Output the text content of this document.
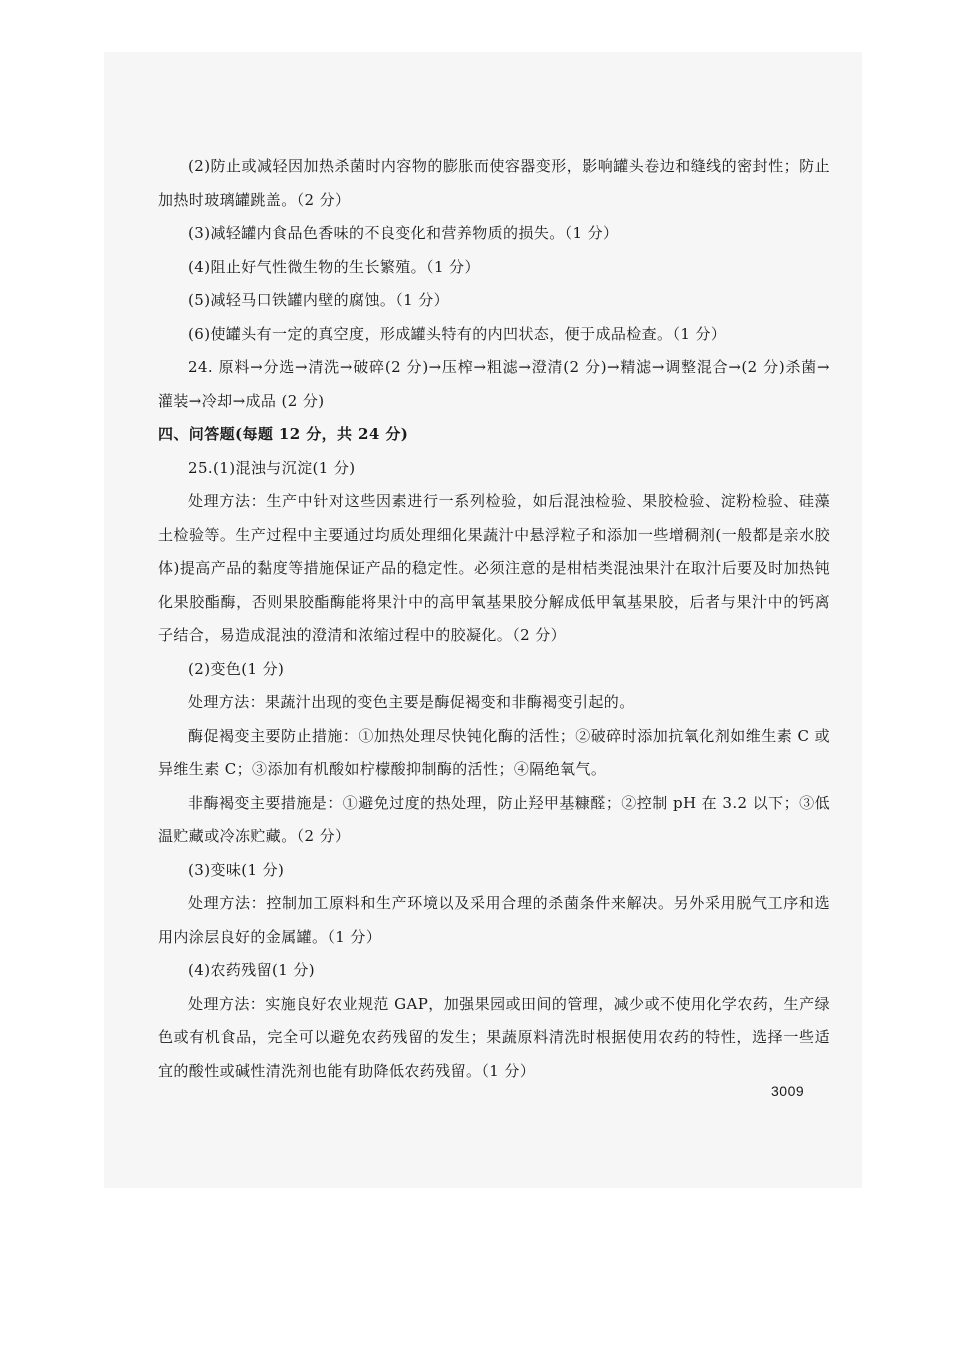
(2)防止或减轻因加热杀菌时内容物的膨胀而使容器变形，影响罐头卷边和缝线的密封性；防止加热时玻璃罐跳盖。（2 分）

(3)减轻罐内食品色香味的不良变化和营养物质的损失。（1 分）

(4)阻止好气性微生物的生长繁殖。（1 分）

(5)减轻马口铁罐内壁的腐蚀。（1 分）

(6)使罐头有一定的真空度，形成罐头特有的内凹状态，便于成品检查。（1 分）

24. 原料→分选→清洗→破碎(2 分)→压榨→粗滤→澄清(2 分)→精滤→调整混合→(2 分)杀菌→灌装→冷却→成品 (2 分)

四、问答题(每题 12 分，共 24 分)

25.(1)混浊与沉淀(1 分)

处理方法：生产中针对这些因素进行一系列检验，如后混浊检验、果胶检验、淀粉检验、硅藻土检验等。生产过程中主要通过均质处理细化果蔬汁中悬浮粒子和添加一些增稠剂(一般都是亲水胶体)提高产品的黏度等措施保证产品的稳定性。必须注意的是柑桔类混浊果汁在取汁后要及时加热钝化果胶酯酶，否则果胶酯酶能将果汁中的高甲氧基果胶分解成低甲氧基果胶，后者与果汁中的钙离子结合，易造成混浊的澄清和浓缩过程中的胶凝化。（2 分）

(2)变色(1 分)

处理方法：果蔬汁出现的变色主要是酶促褐变和非酶褐变引起的。

酶促褐变主要防止措施：①加热处理尽快钝化酶的活性；②破碎时添加抗氧化剂如维生素 C 或异维生素 C；③添加有机酸如柠檬酸抑制酶的活性；④隔绝氧气。

非酶褐变主要措施是：①避免过度的热处理，防止羟甲基糠醛；②控制 pH 在 3.2 以下；③低温贮藏或冷冻贮藏。（2 分）

(3)变味(1 分)

处理方法：控制加工原料和生产环境以及采用合理的杀菌条件来解决。另外采用脱气工序和选用内涂层良好的金属罐。（1 分）

(4)农药残留(1 分)

处理方法：实施良好农业规范 GAP，加强果园或田间的管理，减少或不使用化学农药，生产绿色或有机食品，完全可以避免农药残留的发生；果蔬原料清洗时根据使用农药的特性，选择一些适宜的酸性或碱性清洗剂也能有助降低农药残留。（1 分）

3009
